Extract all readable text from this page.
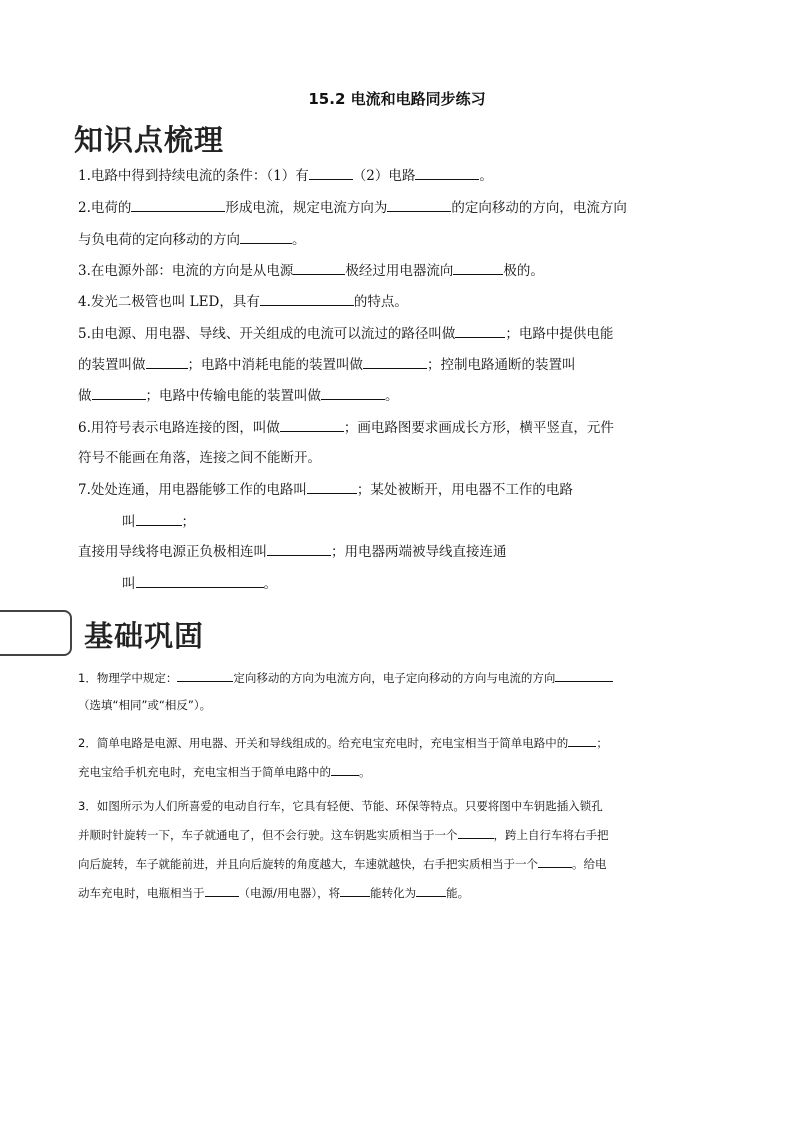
15.2 电流和电路同步练习
知识点梳理
1.电路中得到持续电流的条件：（1）有	（2）电路	。
2.电荷的	形成电流，规定电流方向为	的定向移动的方向，电流方向
与负电荷的定向移动的方向	。
3.在电源外部：电流的方向是从电源	极经过用电器流向	极的。
4.发光二极管也叫 LED，具有	的特点。
5.由电源、用电器、导线、开关组成的电流可以流过的路径叫做	；电路中提供电能
的装置叫做	；电路中消耗电能的装置叫做	；控制电路通断的装置叫
做	；电路中传输电能的装置叫做	。
6.用符号表示电路连接的图，叫做	；画电路图要求画成长方形，横平竖直，元件
符号不能画在角落，连接之间不能断开。
7.处处连通，用电器能够工作的电路叫	；某处被断开，用电器不工作的电路
叫	；
直接用导线将电源正负极相连叫	；用电器两端被导线直接连通
叫	。
基础巩固
1．物理学中规定：	定向移动的方向为电流方向，电子定向移动的方向与电流的方向
（选填“相同”或“相反”）。
2．简单电路是电源、用电器、开关和导线组成的。给充电宝充电时，充电宝相当于简单电路中的 ；
充电宝给手机充电时，充电宝相当于简单电路中的 。
3．如图所示为人们所喜爱的电动自行车，它具有轻便、节能、环保等特点。只要将图中车钥匙插入锁孔
并顺时针旋转一下，车子就通电了，但不会行驶。这车钥匙实质相当于一个	，跨上自行车将右手把
向后旋转，车子就能前进，并且向后旋转的角度越大，车速就越快，右手把实质相当于一个	。给电
动车充电时，电瓶相当于	（电源/用电器），将	能转化为	能。
